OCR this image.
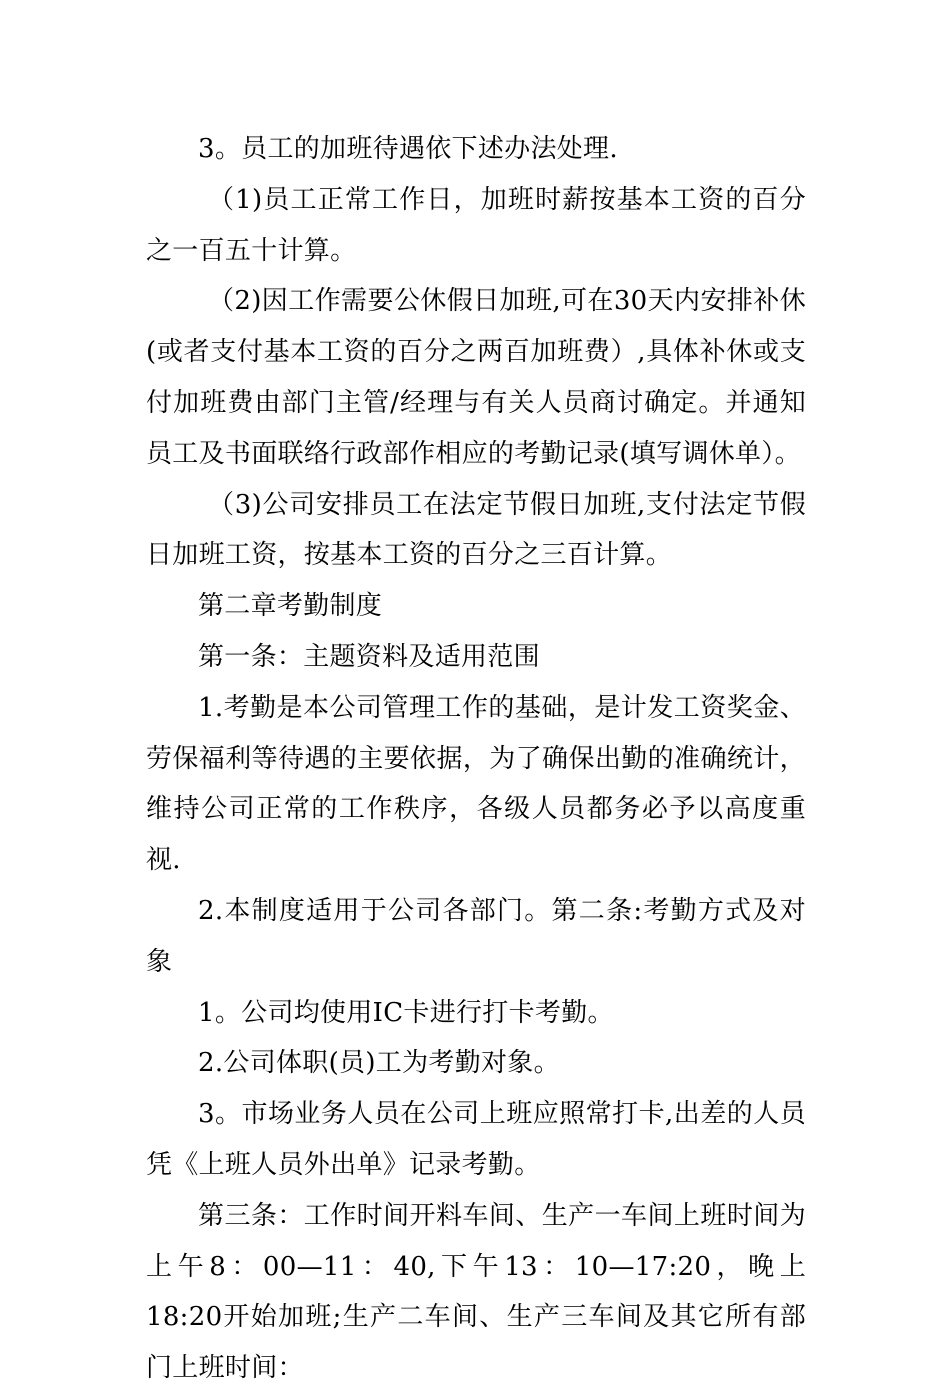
3。员工的加班待遇依下述办法处理.

（1)员工正常工作日，加班时薪按基本工资的百分之一百五十计算。

（2)因工作需要公休假日加班,可在30天内安排补休(或者支付基本工资的百分之两百加班费）,具体补休或支付加班费由部门主管/经理与有关人员商讨确定。并通知员工及书面联络行政部作相应的考勤记录(填写调休单）。

（3)公司安排员工在法定节假日加班,支付法定节假日加班工资，按基本工资的百分之三百计算。

第二章考勤制度

第一条：主题资料及适用范围

1.考勤是本公司管理工作的基础，是计发工资奖金、劳保福利等待遇的主要依据，为了确保出勤的准确统计，维持公司正常的工作秩序，各级人员都务必予以高度重视.

2.本制度适用于公司各部门。第二条:考勤方式及对象

1。公司均使用IC卡进行打卡考勤。

2.公司体职(员)工为考勤对象。

3。市场业务人员在公司上班应照常打卡,出差的人员凭《上班人员外出单》记录考勤。

第三条：工作时间开料车间、生产一车间上班时间为上午8：00—11：40,下午13：10—17:20，晚上18:20开始加班;生产二车间、生产三车间及其它所有部门上班时间：
